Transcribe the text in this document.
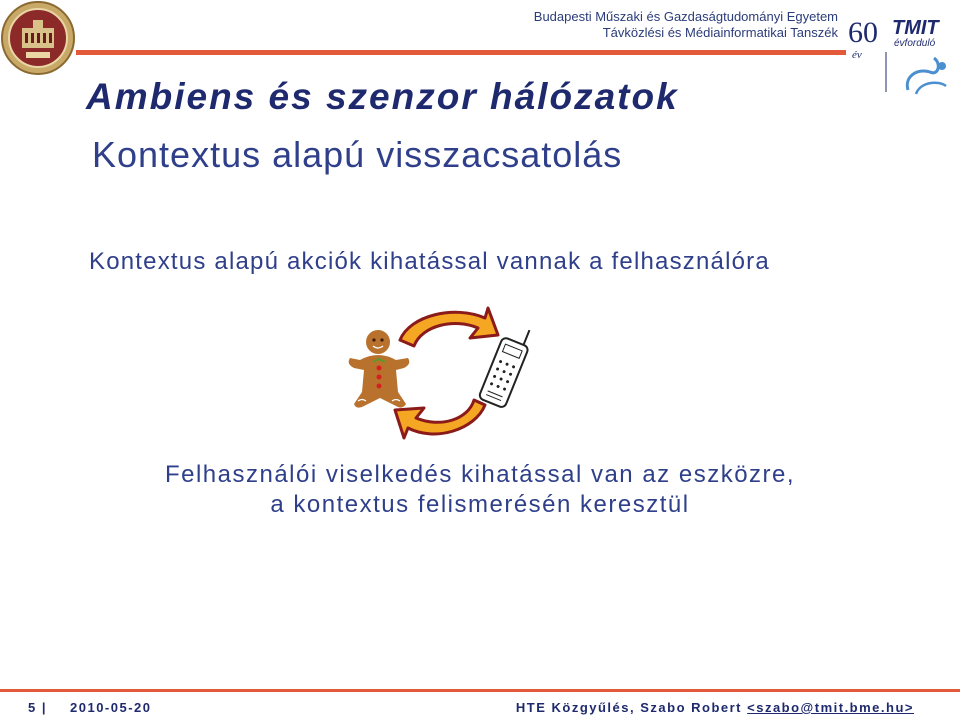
Budapesti Műszaki és Gazdaságtudományi Egyetem
Távközlési és Médiainformatikai Tanszék 60
év
TMIT
évforduló
Ambiens és szenzor hálózatok
Kontextus alapú visszacsatolás
Kontextus alapú akciók kihatással vannak a felhasználóra
Felhasználói viselkedés kihatással van az eszközre,
a kontextus felismerésén keresztül
5 | 2010-05-20	HTE Közgyűlés, Szabo Robert <szabo@tmit.bme.hu>
